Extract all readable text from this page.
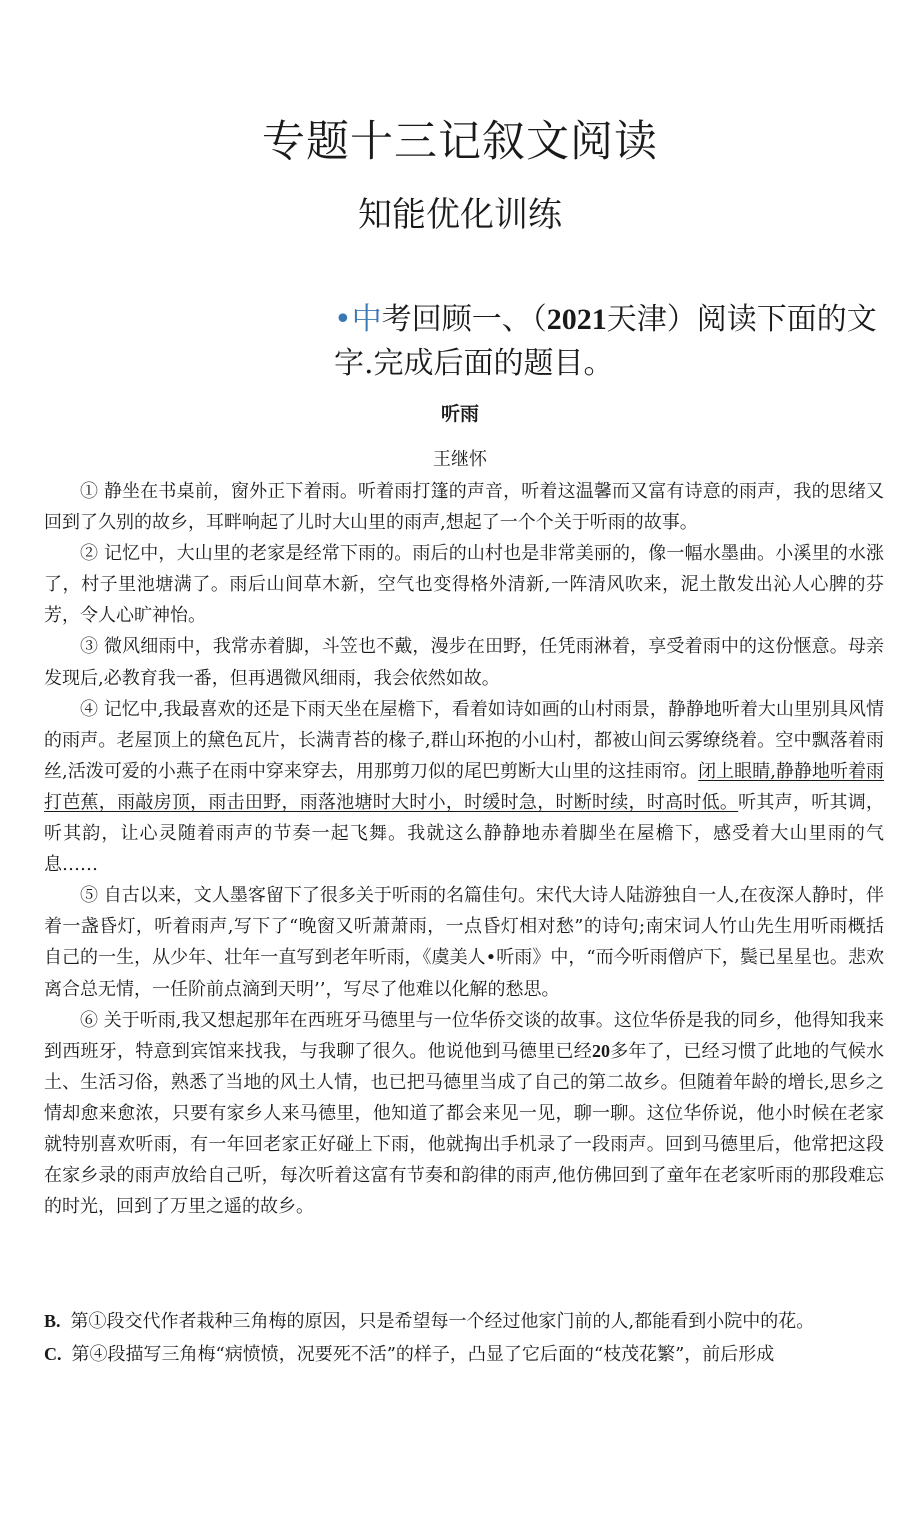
专题十三记叙文阅读
知能优化训练
•中考回顾一、（2021天津）阅读下面的文字.完成后面的题目。
听雨
王继怀

① 静坐在书桌前，窗外正下着雨。听着雨打篷的声音，听着这温馨而又富有诗意的雨声，我的思绪又回到了久别的故乡，耳畔响起了儿时大山里的雨声,想起了一个个关于听雨的故事。

② 记忆中，大山里的老家是经常下雨的。雨后的山村也是非常美丽的，像一幅水墨曲。小溪里的水涨了，村子里池塘满了。雨后山间草木新，空气也变得格外清新,一阵清风吹来，泥土散发出沁人心脾的芬芳，令人心旷神怡。

③ 微风细雨中，我常赤着脚，斗笠也不戴，漫步在田野，任凭雨淋着，享受着雨中的这份惬意。母亲发现后,必教育我一番，但再遇微风细雨，我会依然如故。

④ 记忆中,我最喜欢的还是下雨天坐在屋檐下，看着如诗如画的山村雨景，静静地听着大山里别具风情的雨声。老屋顶上的黛色瓦片，长满青苔的椽子,群山环抱的小山村，都被山间云雾缭绕着。空中飘落着雨丝,活泼可爱的小燕子在雨中穿来穿去，用那剪刀似的尾巴剪断大山里的这挂雨帘。闭上眼睛,静静地听着雨打芭蕉，雨敲房顶，雨击田野，雨落池塘时大时小，时缓时急，时断时续，时高时低。听其声，听其调，听其韵，让心灵随着雨声的节奏一起飞舞。我就这么静静地赤着脚坐在屋檐下，感受着大山里雨的气息……

⑤ 自古以来，文人墨客留下了很多关于听雨的名篇佳句。宋代大诗人陆游独自一人,在夜深人静时，伴着一盏昏灯，听着雨声,写下了“晚窗又听萧萧雨，一点昏灯相对愁”的诗句;南宋词人竹山先生用听雨概括自己的一生，从少年、壮年一直写到老年听雨，《虞美人•听雨》中，“而今听雨僧庐下，鬓已星星也。悲欢离合总无情，一任阶前点滴到天明’’，写尽了他难以化解的愁思。

⑥ 关于听雨,我又想起那年在西班牙马德里与一位华侨交谈的故事。这位华侨是我的同乡，他得知我来到西班牙，特意到宾馆来找我，与我聊了很久。他说他到马德里已经20多年了，已经习惯了此地的气候水土、生活习俗，熟悉了当地的风土人情，也已把马德里当成了自己的第二故乡。但随着年龄的增长,思乡之情却愈来愈浓，只要有家乡人来马德里，他知道了都会来见一见，聊一聊。这位华侨说，他小时候在老家就特别喜欢听雨，有一年回老家正好碰上下雨，他就掏出手机录了一段雨声。回到马德里后，他常把这段在家乡录的雨声放给自己听，每次听着这富有节奏和韵律的雨声,他仿佛回到了童年在老家听雨的那段难忘的时光，回到了万里之遥的故乡。

B. 第①段交代作者栽种三角梅的原因，只是希望每一个经过他家门前的人,都能看到小院中的花。

C. 第④段描写三角梅“病愤愤，况要死不活”的样子，凸显了它后面的“枝茂花繁”，前后形成
